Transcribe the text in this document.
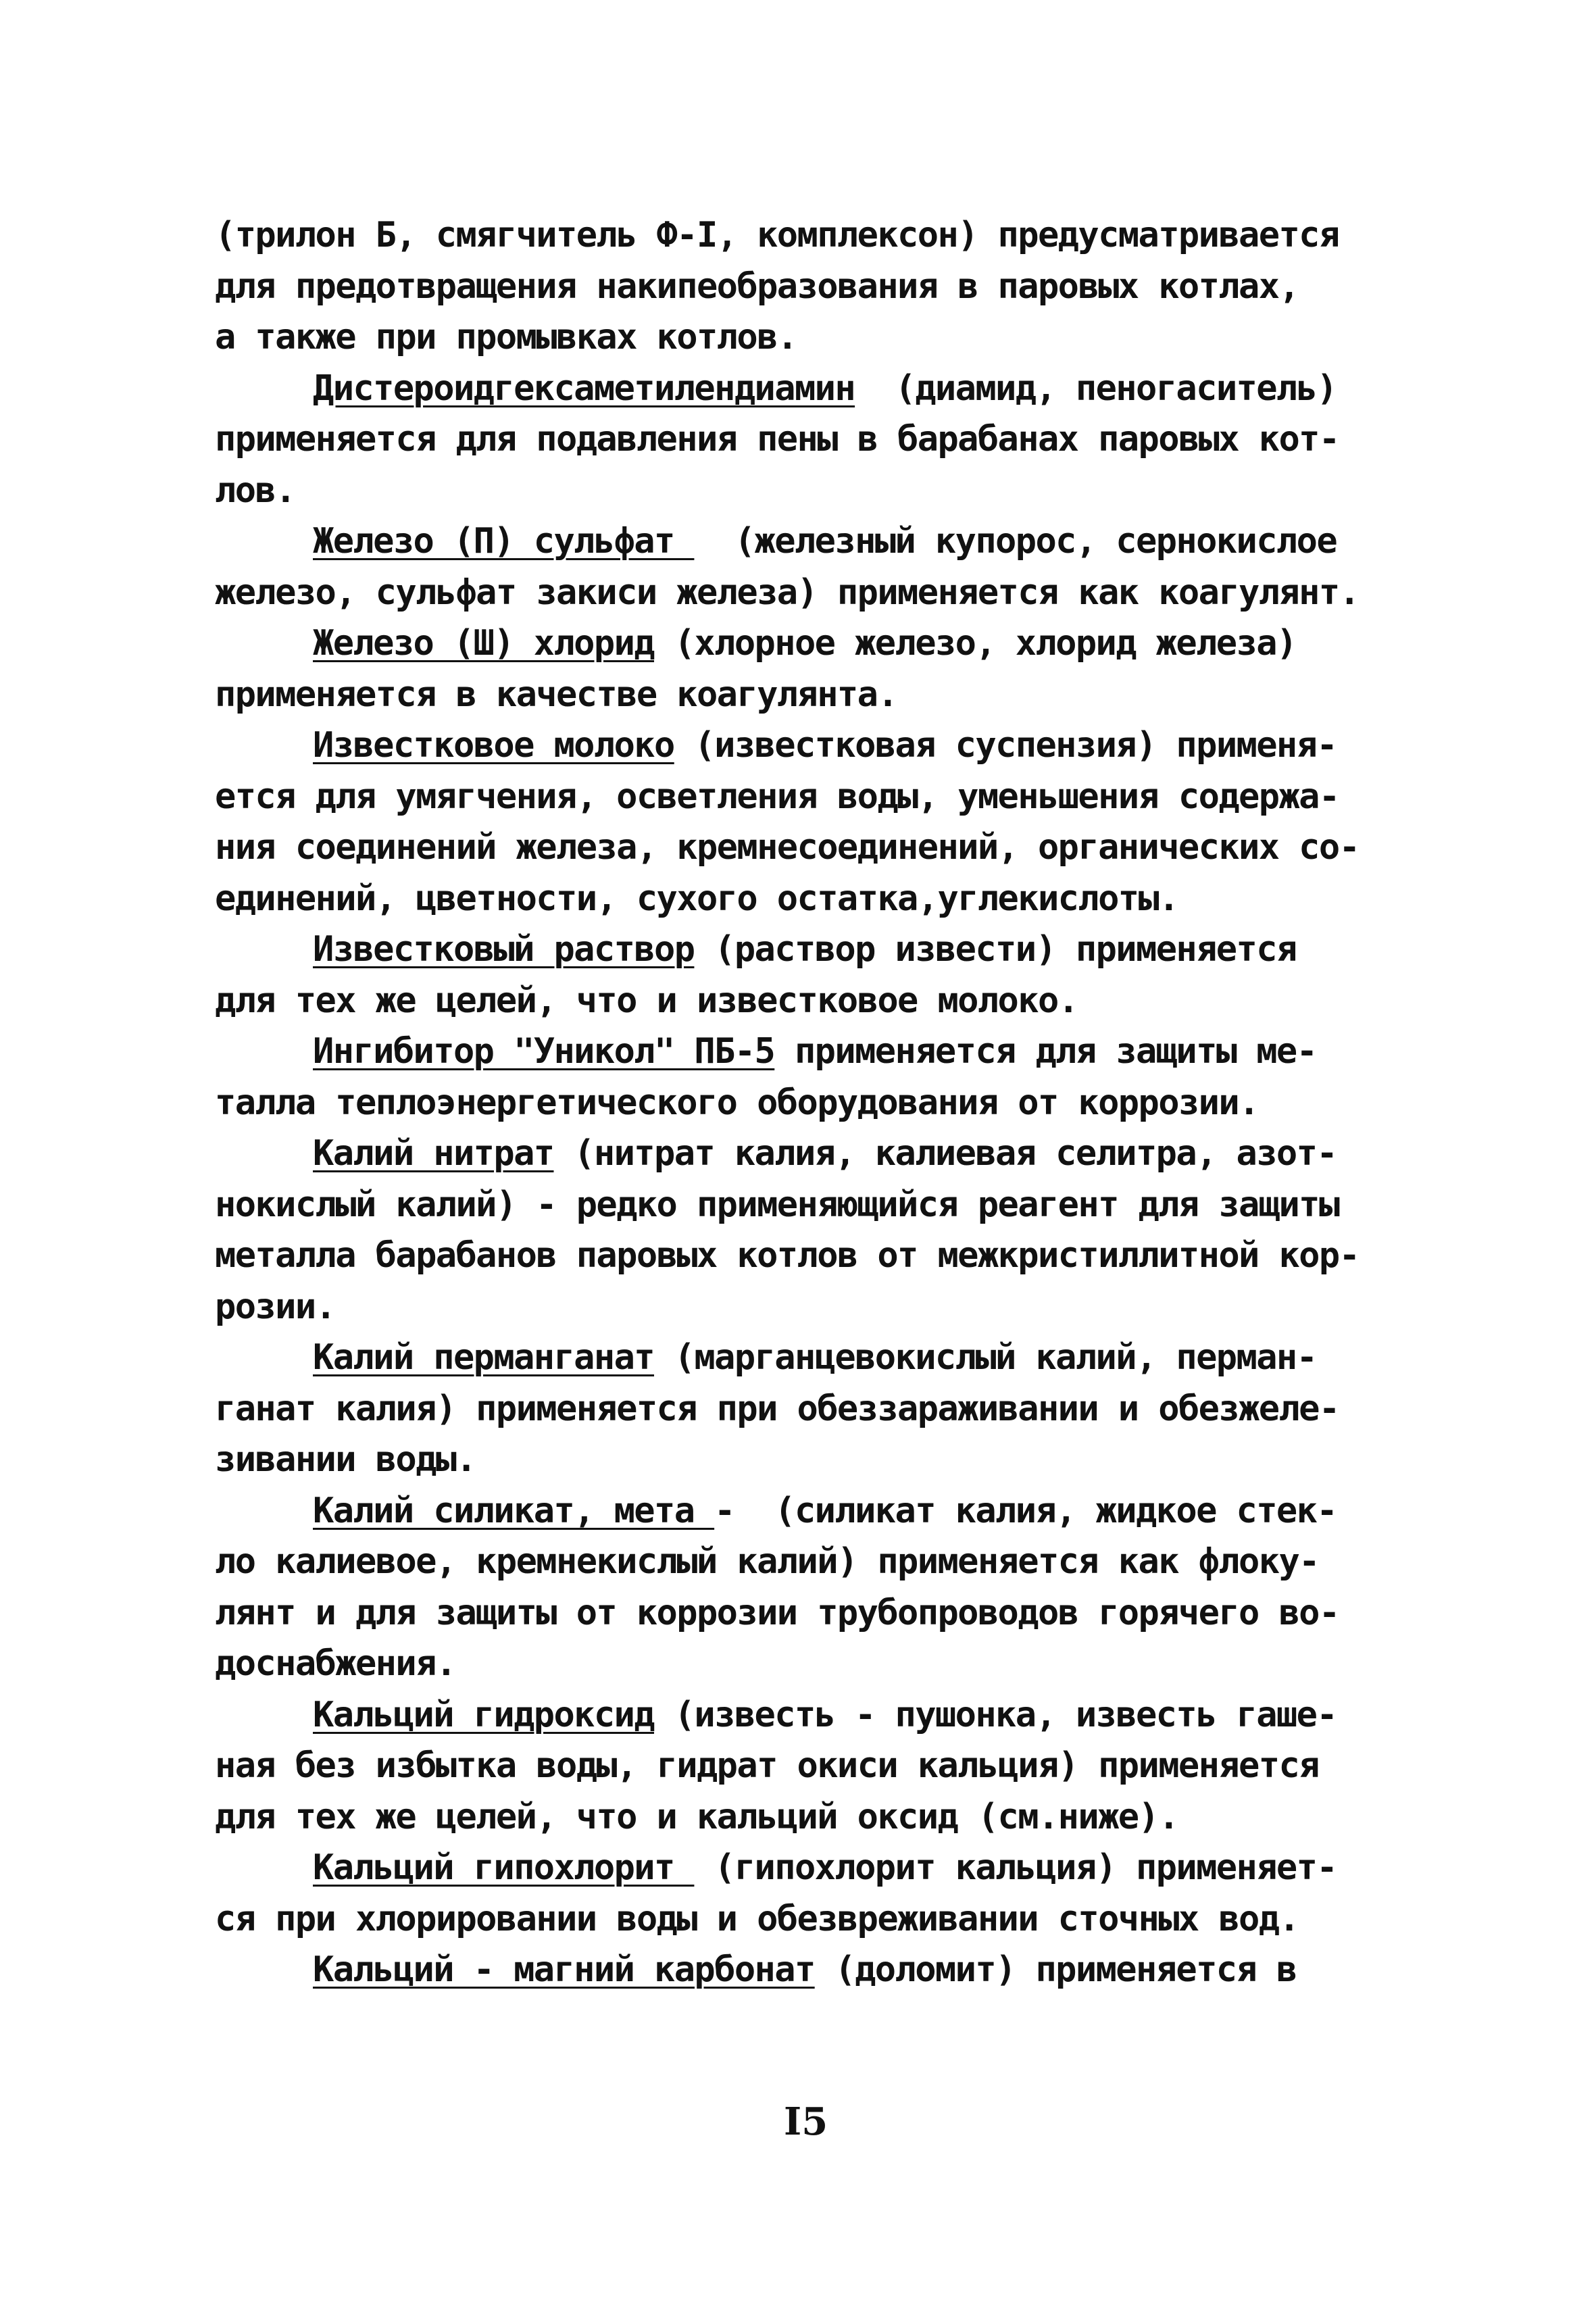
(трилон Б, смягчитель Ф-I, комплексон) предусматривается
для предотвращения накипеобразования в паровых котлах,
а также при промывках котлов.
Дистероидгексаметилендиамин  (диамид, пеногаситель)
применяется для подавления пены в барабанах паровых кот-
лов.
Железо (П) сульфат   (железный купорос, сернокислое
железо, сульфат закиси железа) применяется как коагулянт.
Железо (Ш) хлорид (хлорное железо, хлорид железа)
применяется в качестве коагулянта.
Известковое молоко (известковая суспензия) применя-
ется для умягчения, осветления воды, уменьшения содержа-
ния соединений железа, кремнесоединений, органических со-
единений, цветности, сухого остатка,углекислоты.
Известковый раствор (раствор извести) применяется
для тех же целей, что и известковое молоко.
Ингибитор "Уникол" ПБ-5 применяется для защиты ме-
талла теплоэнергетического оборудования от коррозии.
Калий нитрат (нитрат калия, калиевая селитра, азот-
нокислый калий) - редко применяющийся реагент для защиты
металла барабанов паровых котлов от межкристиллитной кор-
розии.
Калий перманганат (марганцевокислый калий, перман-
ганат калия) применяется при обеззараживании и обезжеле-
зивании воды.
Калий силикат, мета -  (силикат калия, жидкое стек-
ло калиевое, кремнекислый калий) применяется как флоку-
лянт и для защиты от коррозии трубопроводов горячего во-
доснабжения.
Кальций гидроксид (известь - пушонка, известь гаше-
ная без избытка воды, гидрат окиси кальция) применяется
для тех же целей, что и кальций оксид (см.ниже).
Кальций гипохлорит  (гипохлорит кальция) применяет-
ся при хлорировании воды и обезвреживании сточных вод.
Кальций - магний карбонат (доломит) применяется в
I5
